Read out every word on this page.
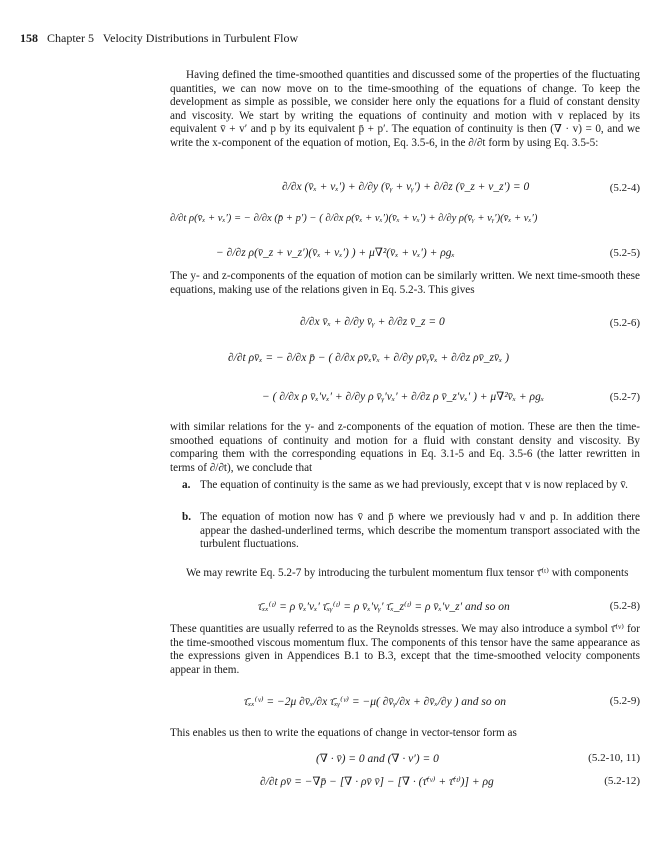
158 Chapter 5 Velocity Distributions in Turbulent Flow

Having defined the time-smoothed quantities and discussed some of the properties of the fluctuating quantities, we can now move on to the time-smoothing of the equations of change. To keep the development as simple as possible, we consider here only the equations for a fluid of constant density and viscosity. We start by writing the equations of continuity and motion with v replaced by its equivalent v̄ + v′ and p by its equivalent p̄ + p′. The equation of continuity is then (∇ · v) = 0, and we write the x-component of the equation of motion, Eq. 3.5-6, in the ∂/∂t form by using Eq. 3.5-5:

∂/∂x (v̄ₓ + vₓ′) + ∂/∂y (v̄ᵧ + vᵧ′) + ∂/∂z (v̄_z + v_z′) = 0	(5.2-4)
∂/∂t ρ(v̄ₓ + vₓ′) = − ∂/∂x (p̄ + p′) − ( ∂/∂x ρ(v̄ₓ + vₓ′)(v̄ₓ + vₓ′) + ∂/∂y ρ(v̄ᵧ + vᵧ′)(v̄ₓ + vₓ′)
− ∂/∂z ρ(v̄_z + v_z′)(v̄ₓ + vₓ′) ) + μ∇²(v̄ₓ + vₓ′) + ρgₓ	(5.2-5)

The y- and z-components of the equation of motion can be similarly written. We next time-smooth these equations, making use of the relations given in Eq. 5.2-3. This gives

∂/∂x v̄ₓ + ∂/∂y v̄ᵧ + ∂/∂z v̄_z = 0	(5.2-6)
∂/∂t ρv̄ₓ = − ∂/∂x p̄ − ( ∂/∂x ρv̄ₓv̄ₓ + ∂/∂y ρv̄ᵧv̄ₓ + ∂/∂z ρv̄_zv̄ₓ )
− ( ∂/∂x ρ v̄ₓ′vₓ′ + ∂/∂y ρ v̄ᵧ′vₓ′ + ∂/∂z ρ v̄_z′vₓ′ ) + μ∇²v̄ₓ + ρgₓ	(5.2-7)

with similar relations for the y- and z-components of the equation of motion. These are then the time-smoothed equations of continuity and motion for a fluid with constant density and viscosity. By comparing them with the corresponding equations in Eq. 3.1-5 and Eq. 3.5-6 (the latter rewritten in terms of ∂/∂t), we conclude that

a. The equation of continuity is the same as we had previously, except that v is now replaced by v̄.
b. The equation of motion now has v̄ and p̄ where we previously had v and p. In addition there appear the dashed-underlined terms, which describe the momentum transport associated with the turbulent fluctuations.

We may rewrite Eq. 5.2-7 by introducing the turbulent momentum flux tensor τ̄⁽ᵗ⁾ with components

τ̄ₓₓ⁽ᵗ⁾ = ρ v̄ₓ′vₓ′ τ̄ₓᵧ⁽ᵗ⁾ = ρ v̄ₓ′vᵧ′ τ̄ₓ_z⁽ᵗ⁾ = ρ v̄ₓ′v_z′ and so on	(5.2-8)

These quantities are usually referred to as the Reynolds stresses. We may also introduce a symbol τ̄⁽ᵛ⁾ for the time-smoothed viscous momentum flux. The components of this tensor have the same appearance as the expressions given in Appendices B.1 to B.3, except that the time-smoothed velocity components appear in them.

τ̄ₓₓ⁽ᵛ⁾ = −2μ ∂v̄ₓ/∂x τ̄ₓᵧ⁽ᵛ⁾ = −μ( ∂v̄ᵧ/∂x + ∂v̄ₓ/∂y ) and so on	(5.2-9)

This enables us then to write the equations of change in vector-tensor form as

(∇ · v̄) = 0 and (∇ · v′) = 0	(5.2-10, 11)
∂/∂t ρv̄ = −∇p̄ − [∇ · ρv̄ v̄] − [∇ · (τ̄⁽ᵛ⁾ + τ̄⁽ᵗ⁾)] + ρg	(5.2-12)
